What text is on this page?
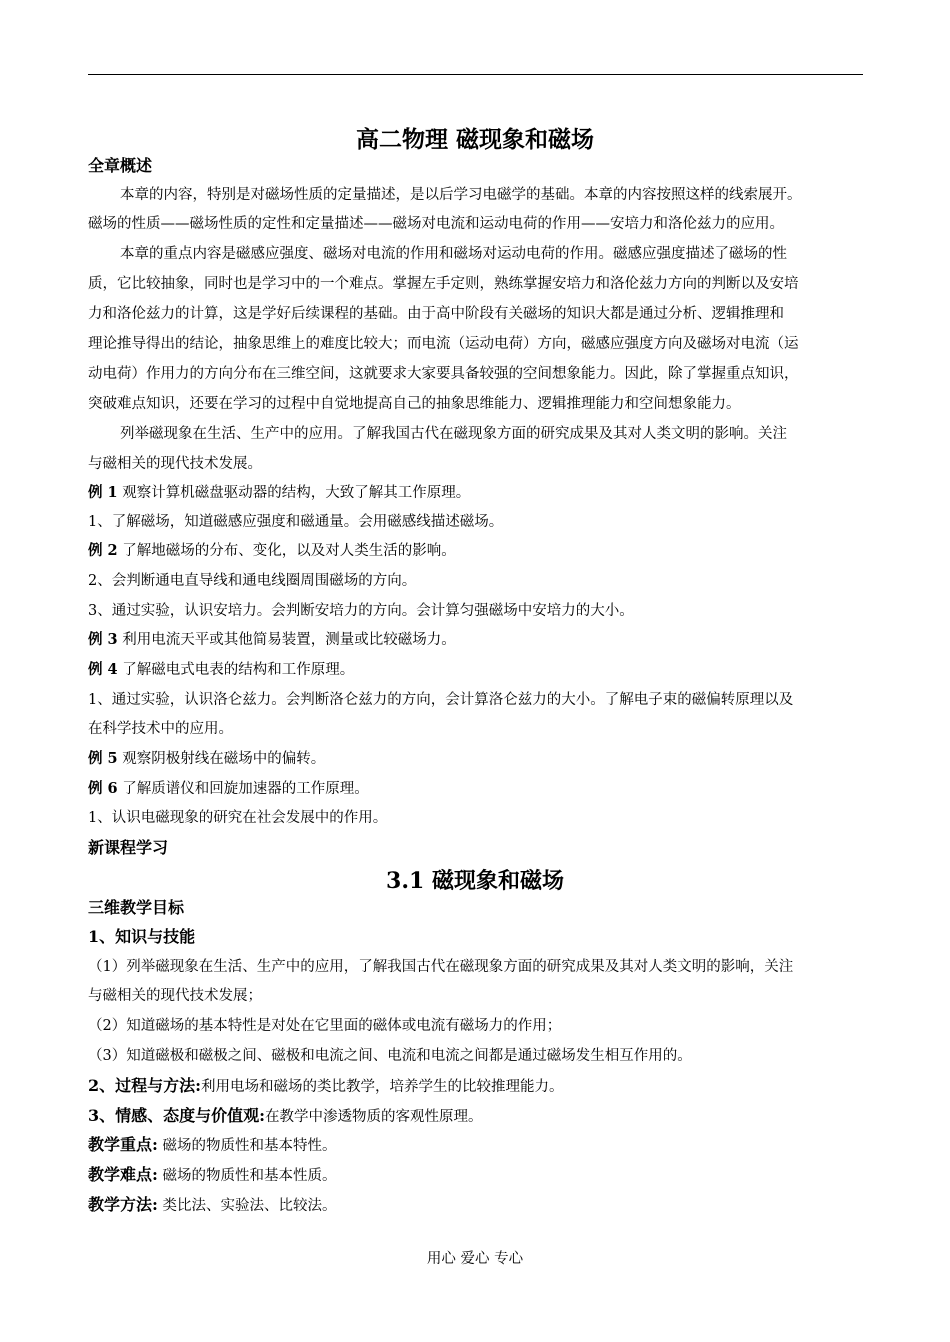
高二物理 磁现象和磁场
全章概述
本章的内容，特别是对磁场性质的定量描述，是以后学习电磁学的基础。本章的内容按照这样的线索展开。
磁场的性质——磁场性质的定性和定量描述——磁场对电流和运动电荷的作用——安培力和洛伦兹力的应用。
本章的重点内容是磁感应强度、磁场对电流的作用和磁场对运动电荷的作用。磁感应强度描述了磁场的性
质，它比较抽象，同时也是学习中的一个难点。掌握左手定则，熟练掌握安培力和洛伦兹力方向的判断以及安培
力和洛伦兹力的计算，这是学好后续课程的基础。由于高中阶段有关磁场的知识大都是通过分析、逻辑推理和
理论推导得出的结论，抽象思维上的难度比较大；而电流（运动电荷）方向，磁感应强度方向及磁场对电流（运
动电荷）作用力的方向分布在三维空间，这就要求大家要具备较强的空间想象能力。因此，除了掌握重点知识，
突破难点知识，还要在学习的过程中自觉地提高自己的抽象思维能力、逻辑推理能力和空间想象能力。
列举磁现象在生活、生产中的应用。了解我国古代在磁现象方面的研究成果及其对人类文明的影响。关注
与磁相关的现代技术发展。
例 1 观察计算机磁盘驱动器的结构，大致了解其工作原理。
1、了解磁场，知道磁感应强度和磁通量。会用磁感线描述磁场。
例 2 了解地磁场的分布、变化，以及对人类生活的影响。
2、会判断通电直导线和通电线圈周围磁场的方向。
3、通过实验，认识安培力。会判断安培力的方向。会计算匀强磁场中安培力的大小。
例 3 利用电流天平或其他简易装置，测量或比较磁场力。
例 4 了解磁电式电表的结构和工作原理。
1、通过实验，认识洛仑兹力。会判断洛仑兹力的方向，会计算洛仑兹力的大小。了解电子束的磁偏转原理以及
在科学技术中的应用。
例 5 观察阴极射线在磁场中的偏转。
例 6 了解质谱仪和回旋加速器的工作原理。
1、认识电磁现象的研究在社会发展中的作用。
新课程学习
3.1 磁现象和磁场
三维教学目标
1、知识与技能
（1）列举磁现象在生活、生产中的应用，了解我国古代在磁现象方面的研究成果及其对人类文明的影响，关注
与磁相关的现代技术发展；
（2）知道磁场的基本特性是对处在它里面的磁体或电流有磁场力的作用；
（3）知道磁极和磁极之间、磁极和电流之间、电流和电流之间都是通过磁场发生相互作用的。
2、过程与方法:利用电场和磁场的类比教学，培养学生的比较推理能力。
3、情感、态度与价值观:在教学中渗透物质的客观性原理。
教学重点: 磁场的物质性和基本特性。
教学难点: 磁场的物质性和基本性质。
教学方法: 类比法、实验法、比较法。
用心 爱心 专心
